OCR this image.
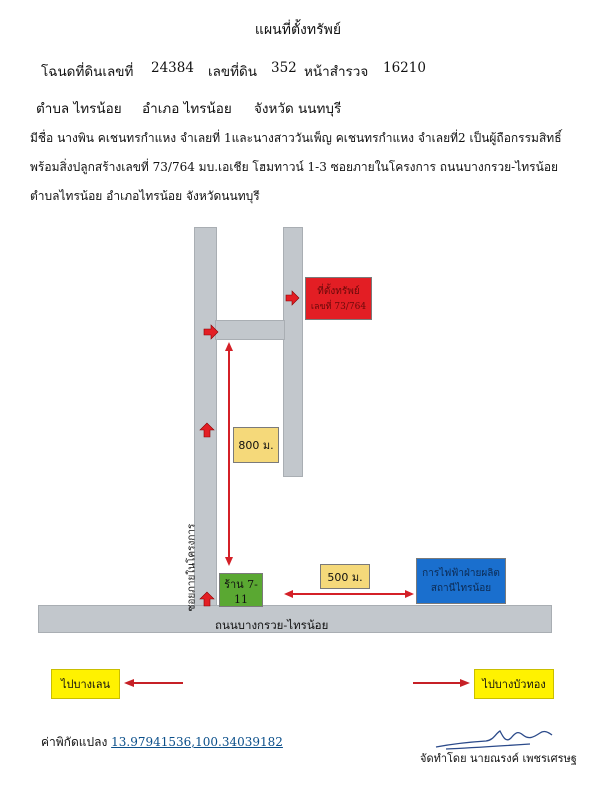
แผนที่ตั้งทรัพย์
โฉนดที่ดินเลขที่ 24384 เลขที่ดิน 352 หน้าสำรวจ 16210
ตำบล ไทรน้อย อำเภอ ไทรน้อย จังหวัด นนทบุรี
มีชื่อ นางพิน คเชนทรกำแหง จำเลยที่ 1และนางสาววันเพ็ญ คเชนทรกำแหง จำเลยที่2 เป็นผู้ถือกรรมสิทธิ์
พร้อมสิ่งปลูกสร้างเลขที่ 73/764 มบ.เอเชีย โฮมทาวน์ 1-3 ซอยภายในโครงการ ถนนบางกรวย-ไทรน้อย
ตำบลไทรน้อย อำเภอไทรน้อย จังหวัดนนทบุรี
ซอยภายในโครงการ
ถนนบางกรวย-ไทรน้อย
ที่ตั้งทรัพย์
เลขที่ 73/764
800 ม.
500 ม.
ร้าน 7-11
การไฟฟ้าฝ่ายผลิต
สถานีไทรน้อย
ไปบางเลน	ไปบางบัวทอง
ค่าพิกัดแปลง 13.97941536,100.34039182
จัดทำโดย นายณรงค์ เพชรเศรษฐ
